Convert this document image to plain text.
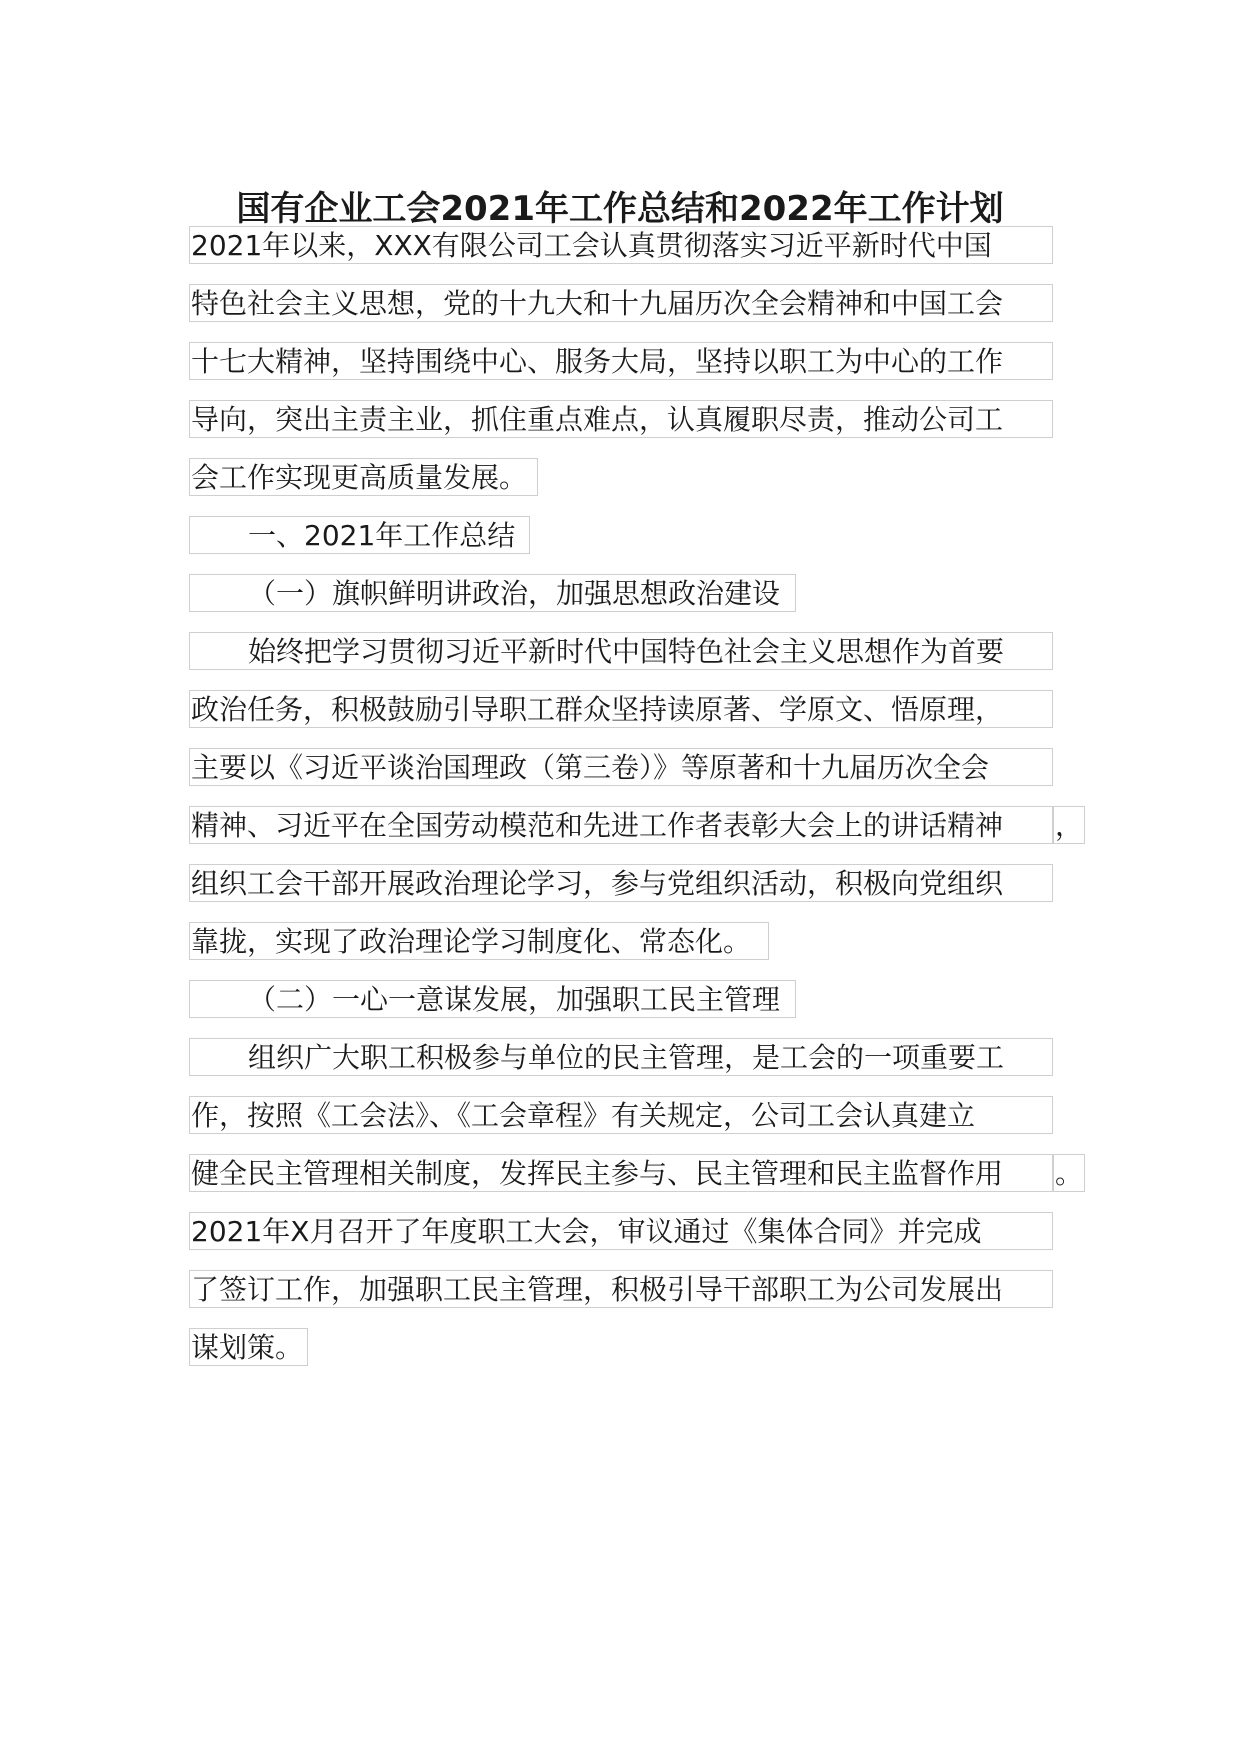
国有企业工会2021年工作总结和2022年工作计划
2021年以来，XXX有限公司工会认真贯彻落实习近平新时代中国
特色社会主义思想，党的十九大和十九届历次全会精神和中国工会
十七大精神，坚持围绕中心、服务大局，坚持以职工为中心的工作
导向，突出主责主业，抓住重点难点，认真履职尽责，推动公司工
会工作实现更高质量发展。
一、2021年工作总结
（一）旗帜鲜明讲政治，加强思想政治建设
始终把学习贯彻习近平新时代中国特色社会主义思想作为首要
政治任务，积极鼓励引导职工群众坚持读原著、学原文、悟原理，
主要以《习近平谈治国理政（第三卷）》等原著和十九届历次全会
精神、习近平在全国劳动模范和先进工作者表彰大会上的讲话精神	，
组织工会干部开展政治理论学习，参与党组织活动，积极向党组织
靠拢，实现了政治理论学习制度化、常态化。
（二）一心一意谋发展，加强职工民主管理
组织广大职工积极参与单位的民主管理，是工会的一项重要工
作，按照《工会法》、《工会章程》有关规定，公司工会认真建立
健全民主管理相关制度，发挥民主参与、民主管理和民主监督作用	。
2021年X月召开了年度职工大会，审议通过《集体合同》并完成
了签订工作，加强职工民主管理，积极引导干部职工为公司发展出
谋划策。
